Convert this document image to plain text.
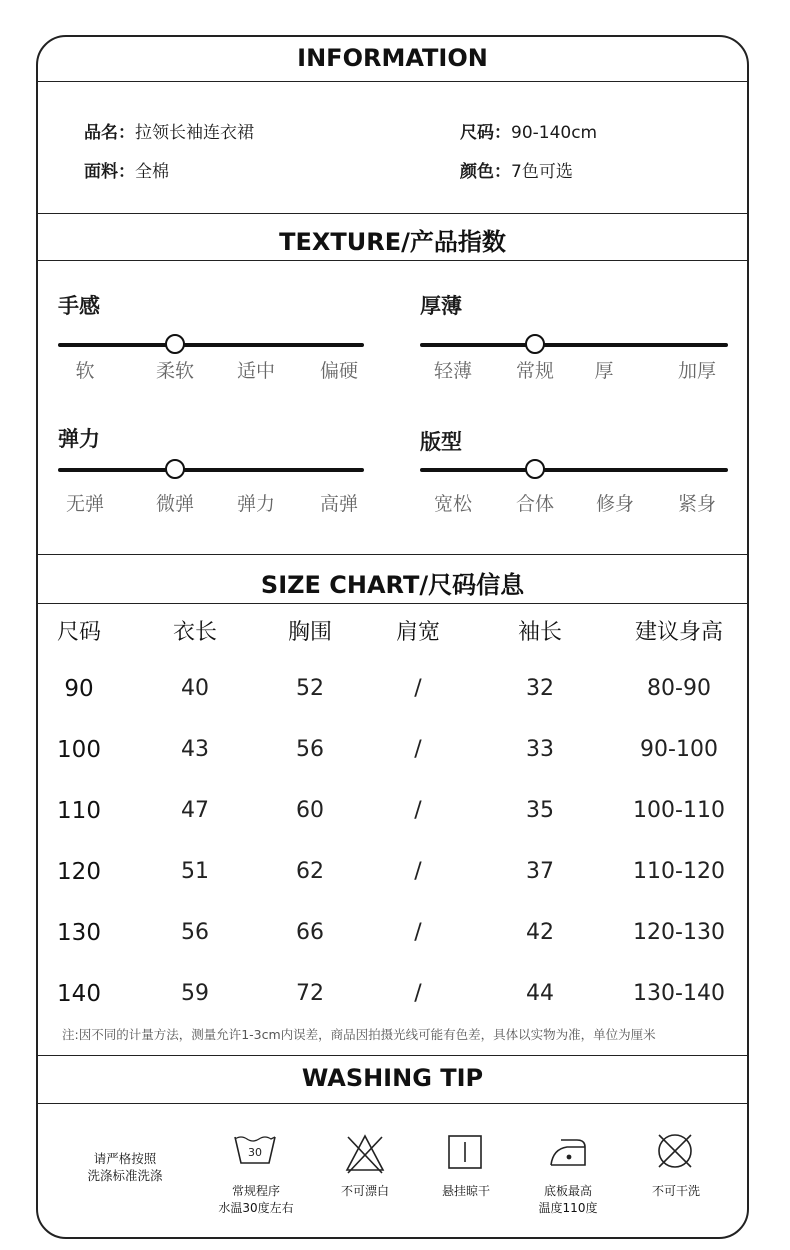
INFORMATION
品名：拉领长袖连衣裙	尺码：90-140cm
面料：全棉	颜色：7色可选
TEXTURE/产品指数
手感
软	柔软	适中	偏硬
厚薄
轻薄	常规	厚	加厚
弹力
无弹	微弹	弹力	高弹
版型
宽松	合体	修身	紧身
SIZE CHART/尺码信息
尺码	衣长	胸围	肩宽	袖长	建议身高
90	40	52	/	32	80-90
100	43	56	/	33	90-100
110	47	60	/	35	100-110
120	51	62	/	37	110-120
130	56	66	/	42	120-130
140	59	72	/	44	130-140
注:因不同的计量方法，测量允许1-3cm内误差，商品因拍摄光线可能有色差，具体以实物为准，单位为厘米
WASHING TIP
请严格按照
洗涤标准洗涤
30
常规程序
水温30度左右
不可漂白	悬挂晾干	底板最高
温度110度
不可干洗
